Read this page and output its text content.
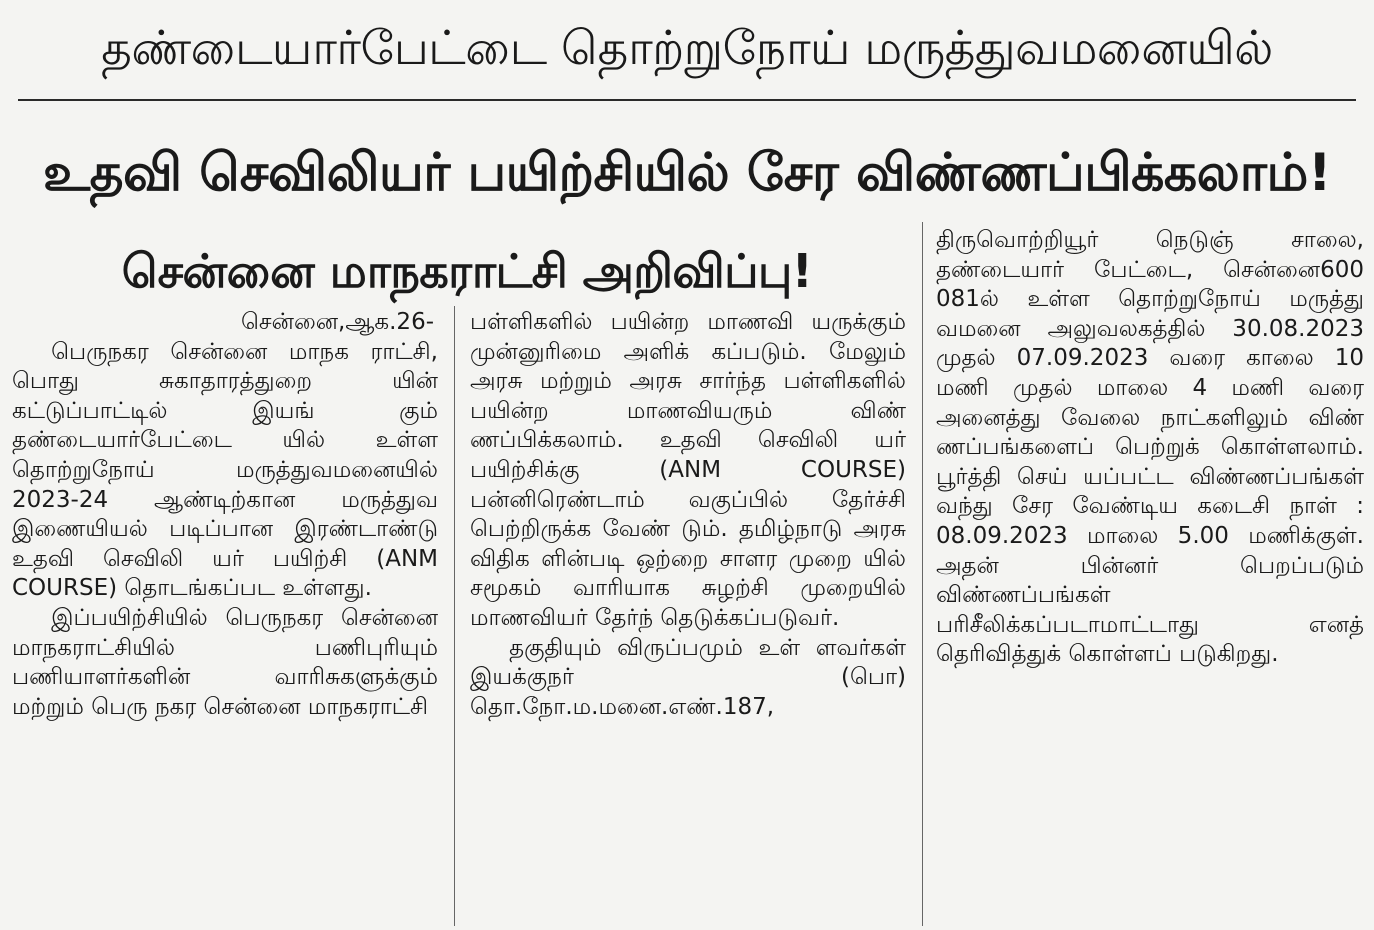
தண்டையார்பேட்டை தொற்றுநோய் மருத்துவமனையில்
உதவி செவிலியர் பயிற்சியில் சேர விண்ணப்பிக்கலாம்!
சென்னை மாநகராட்சி அறிவிப்பு!

சென்னை,ஆக.26-

பெருநகர சென்னை மாநக ராட்சி, பொது சுகாதாரத்துறை யின் கட்டுப்பாட்டில் இயங் கும் தண்டையார்பேட்டை யில் உள்ள தொற்றுநோய் மருத்துவமனையில் 2023-24 ஆண்டிற்கான மருத்துவ இணையியல் படிப்பான இரண்டாண்டு உதவி செவிலி யர் பயிற்சி (ANM COURSE) தொடங்கப்பட உள்ளது.

இப்பயிற்சியில் பெருநகர சென்னை மாநகராட்சியில் பணிபுரியும் பணியாளர்களின் வாரிசுகளுக்கும் மற்றும் பெரு நகர சென்னை மாநகராட்சி

பள்ளிகளில் பயின்ற மாணவி யருக்கும் முன்னுரிமை அளிக் கப்படும். மேலும் அரசு மற்றும் அரசு சார்ந்த பள்ளிகளில் பயின்ற மாணவியரும் விண் ணப்பிக்கலாம். உதவி செவிலி யர் பயிற்சிக்கு (ANM COURSE) பன்னிரெண்டாம் வகுப்பில் தேர்ச்சி பெற்றிருக்க வேண் டும். தமிழ்நாடு அரசு விதிக ளின்படி ஒற்றை சாளர முறை யில் சமூகம் வாரியாக சுழற்சி முறையில் மாணவியர் தேர்ந் தெடுக்கப்படுவர்.

தகுதியும் விருப்பமும் உள் ளவர்கள் இயக்குநர் (பொ) தொ.நோ.ம.மனை.எண்.187,

திருவொற்றியூர் நெடுஞ் சாலை, தண்டையார் பேட்டை, சென்னை600 081ல் உள்ள தொற்றுநோய் மருத்து வமனை அலுவலகத்தில் 30.08.2023 முதல் 07.09.2023 வரை காலை 10 மணி முதல் மாலை 4 மணி வரை அனைத்து வேலை நாட்களிலும் விண் ணப்பங்களைப் பெற்றுக் கொள்ளலாம். பூர்த்தி செய் யப்பட்ட விண்ணப்பங்கள் வந்து சேர வேண்டிய கடைசி நாள் : 08.09.2023 மாலை 5.00 மணிக்குள். அதன் பின்னர் பெறப்படும் விண்ணப்பங்கள் பரிசீலிக்கப்படாமாட்டாது எனத் தெரிவித்துக் கொள்ளப் படுகிறது.
